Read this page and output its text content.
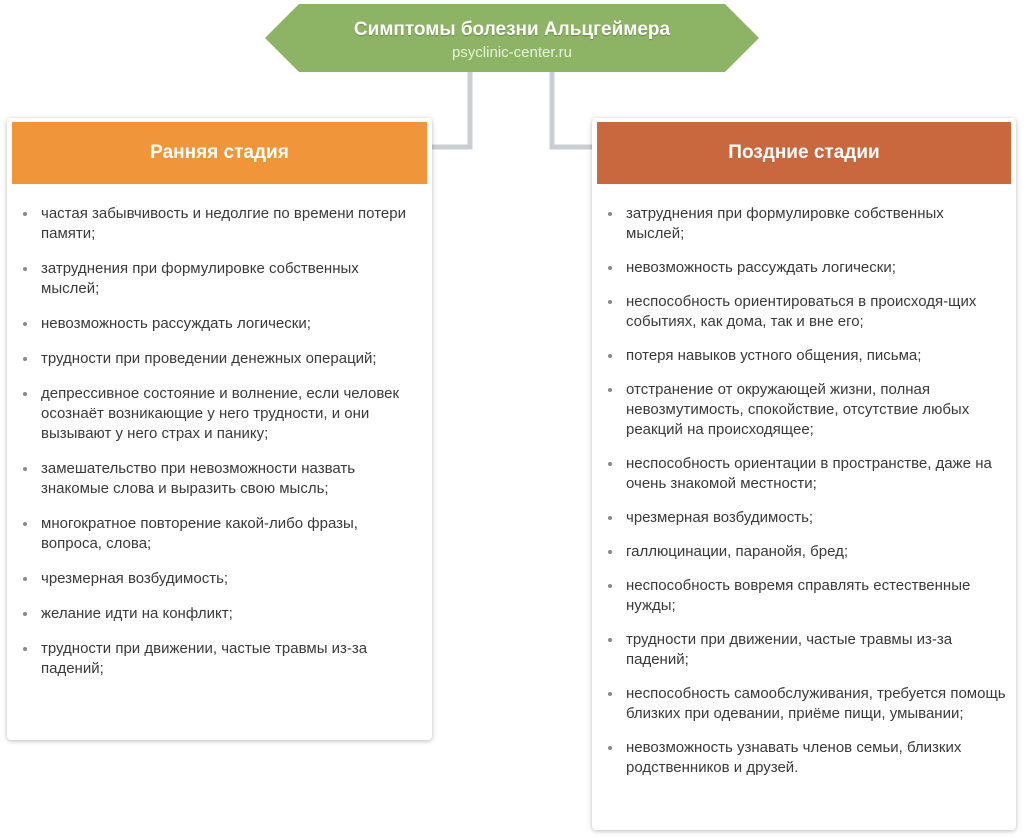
Симптомы болезни Альцгеймера
psyclinic-center.ru
Ранняя стадия
частая забывчивость и недолгие по времени потери памяти;
затруднения при формулировке собственных мыслей;
невозможность рассуждать логически;
трудности при проведении денежных операций;
депрессивное состояние и волнение, если человек осознаёт возникающие у него трудности, и они вызывают у него страх и панику;
замешательство при невозможности назвать знакомые слова и выразить свою мысль;
многократное повторение какой-либо фразы, вопроса, слова;
чрезмерная возбудимость;
желание идти на конфликт;
трудности при движении, частые травмы из-за падений;
Поздние стадии
затруднения при формулировке собственных мыслей;
невозможность рассуждать логически;
неспособность ориентироваться в происходя-щих событиях, как дома, так и вне его;
потеря навыков устного общения, письма;
отстранение от окружающей жизни, полная невозмутимость, спокойствие, отсутствие любых реакций на происходящее;
неспособность ориентации в пространстве, даже на очень знакомой местности;
чрезмерная возбудимость;
галлюцинации, паранойя, бред;
неспособность вовремя справлять естественные нужды;
трудности при движении, частые травмы из-за падений;
неспособность самообслуживания, требуется помощь близких при одевании, приёме пищи, умывании;
невозможность узнавать членов семьи, близких родственников и друзей.
